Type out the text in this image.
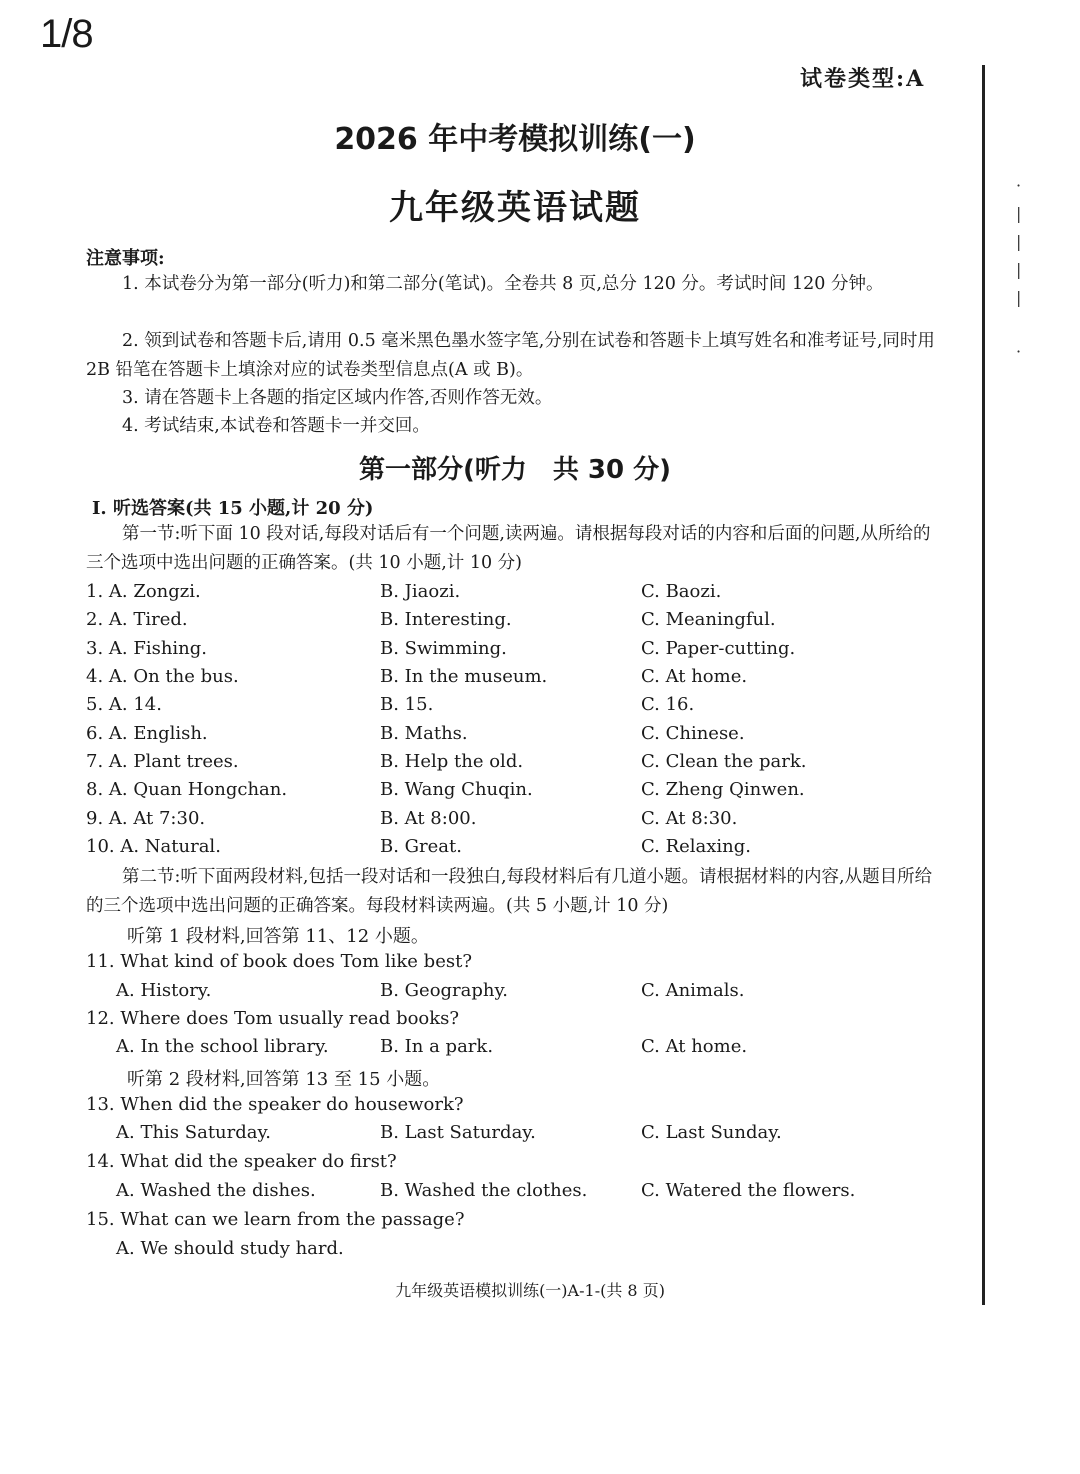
1/8
试卷类型:A
·
|
|
|
|
·
2026 年中考模拟训练(一)
九年级英语试题
注意事项:
1. 本试卷分为第一部分(听力)和第二部分(笔试)。全卷共 8 页,总分 120 分。考试时间 120 分钟。
2. 领到试卷和答题卡后,请用 0.5 毫米黑色墨水签字笔,分别在试卷和答题卡上填写姓名和准考证号,同时用 2B 铅笔在答题卡上填涂对应的试卷类型信息点(A 或 B)。
3. 请在答题卡上各题的指定区域内作答,否则作答无效。
4. 考试结束,本试卷和答题卡一并交回。
第一部分(听力　共 30 分)
Ⅰ. 听选答案(共 15 小题,计 20 分)
第一节:听下面 10 段对话,每段对话后有一个问题,读两遍。请根据每段对话的内容和后面的问题,从所给的三个选项中选出问题的正确答案。(共 10 小题,计 10 分)
1. A. Zongzi.	B. Jiaozi.	C. Baozi.
2. A. Tired.	B. Interesting.	C. Meaningful.
3. A. Fishing.	B. Swimming.	C. Paper-cutting.
4. A. On the bus.	B. In the museum.	C. At home.
5. A. 14.	B. 15.	C. 16.
6. A. English.	B. Maths.	C. Chinese.
7. A. Plant trees.	B. Help the old.	C. Clean the park.
8. A. Quan Hongchan.	B. Wang Chuqin.	C. Zheng Qinwen.
9. A. At 7:30.	B. At 8:00.	C. At 8:30.
10. A. Natural.	B. Great.	C. Relaxing.
第二节:听下面两段材料,包括一段对话和一段独白,每段材料后有几道小题。请根据材料的内容,从题目所给的三个选项中选出问题的正确答案。每段材料读两遍。(共 5 小题,计 10 分)
听第 1 段材料,回答第 11、12 小题。
11. What kind of book does Tom like best?
A. History.	B. Geography.	C. Animals.
12. Where does Tom usually read books?
A. In the school library.	B. In a park.	C. At home.
听第 2 段材料,回答第 13 至 15 小题。
13. When did the speaker do housework?
A. This Saturday.	B. Last Saturday.	C. Last Sunday.
14. What did the speaker do first?
A. Washed the dishes.	B. Washed the clothes.	C. Watered the flowers.
15. What can we learn from the passage?
A. We should study hard.
九年级英语模拟训练(一)A-1-(共 8 页)
